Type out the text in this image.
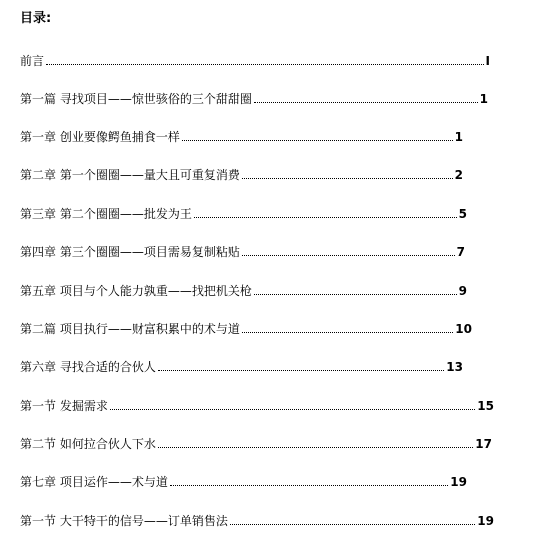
目录:
前言	I
第一篇 寻找项目——惊世骇俗的三个甜甜圈	1
第一章 创业要像鳄鱼捕食一样	1
第二章 第一个圈圈——量大且可重复消费	2
第三章 第二个圈圈——批发为王	5
第四章 第三个圈圈——项目需易复制粘贴	7
第五章 项目与个人能力孰重——找把机关枪	9
第二篇 项目执行——财富积累中的术与道	10
第六章 寻找合适的合伙人	13
第一节 发掘需求	15
第二节 如何拉合伙人下水	17
第七章 项目运作——术与道	19
第一节 大干特干的信号——订单销售法	19
